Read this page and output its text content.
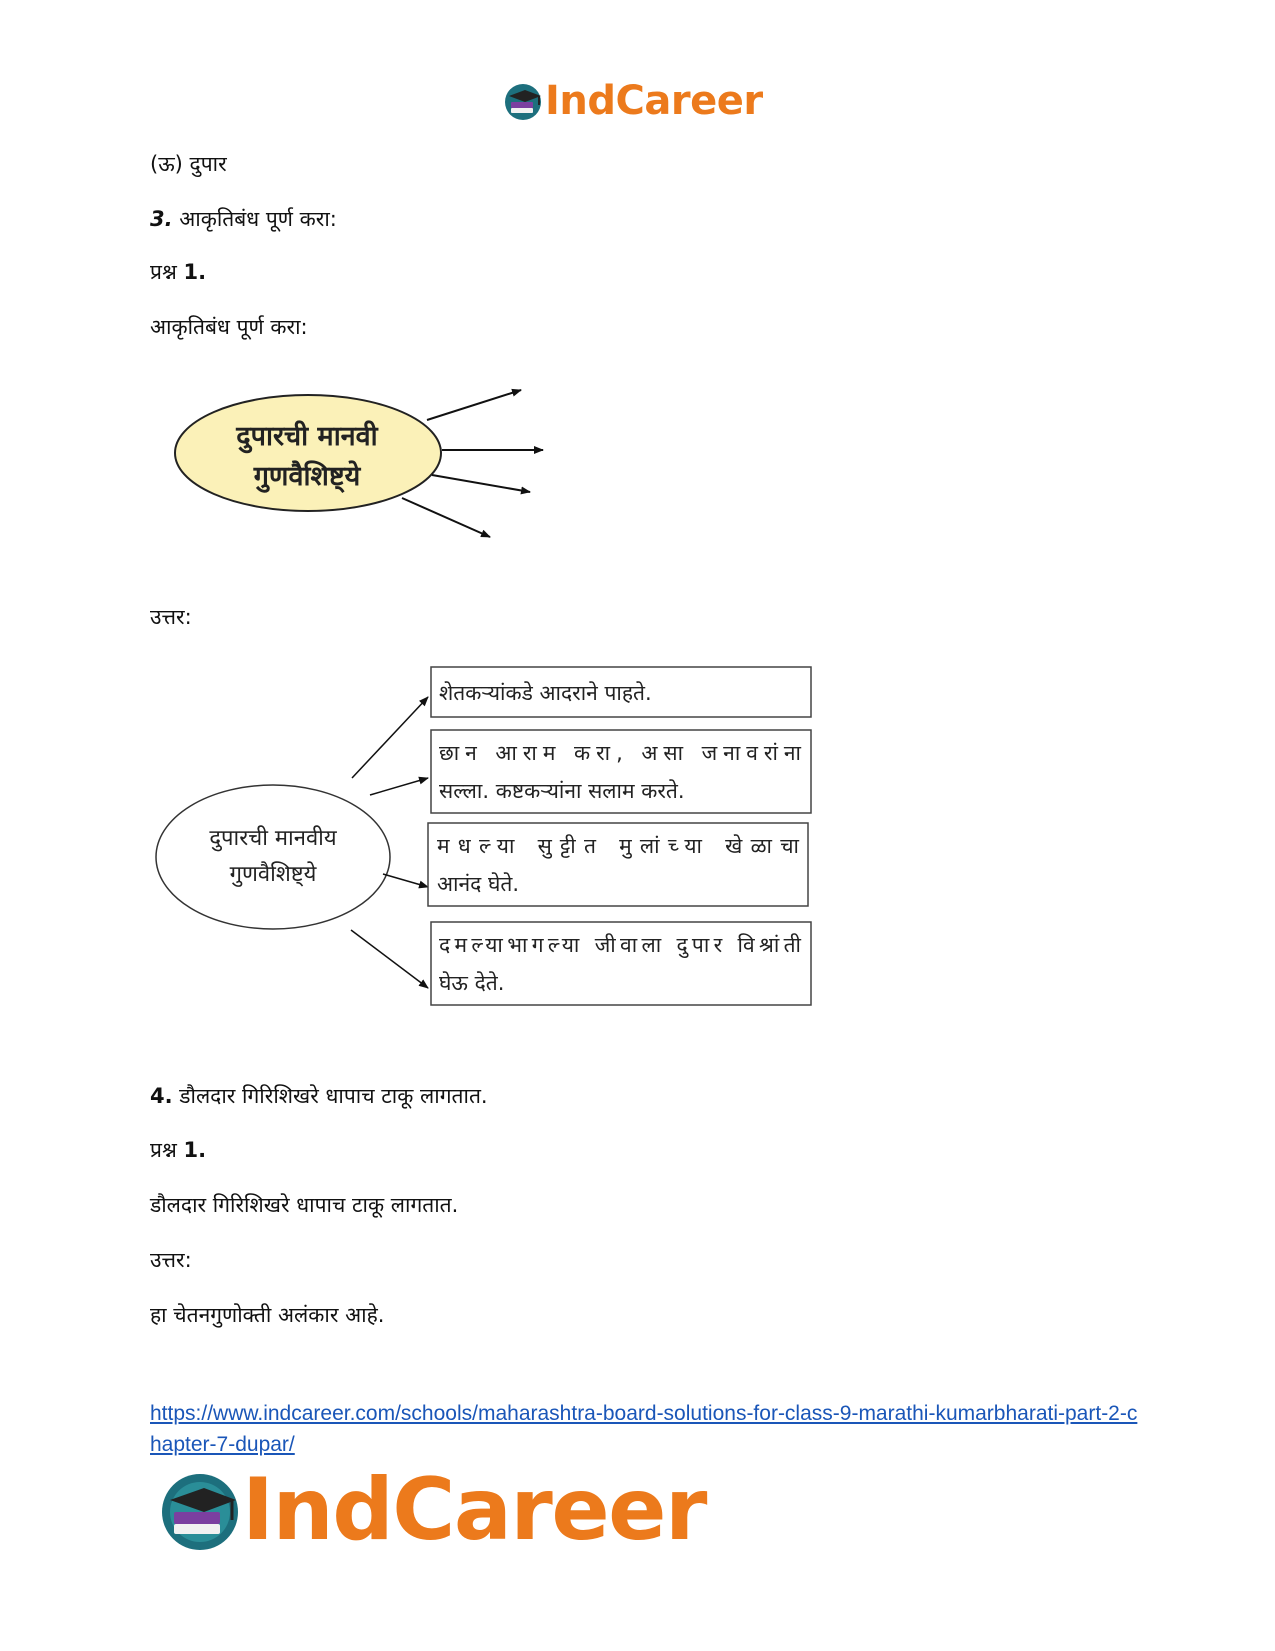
IndCareer
(ऊ) दुपार
3. आकृतिबंध पूर्ण करा:
प्रश्न 1.
आकृतिबंध पूर्ण करा:
दुपारची मानवी
गुणवैशिष्ट्ये
उत्तर:
दुपारची मानवीय
गुणवैशिष्ट्ये
शेतकऱ्यांकडे आदराने पाहते.
छान आराम करा, असा जनावरांना
सल्ला. कष्टकऱ्यांना सलाम करते.
मधल्या सुट्टीत मुलांच्या खेळाचा
आनंद घेते.
दमल्याभागल्या जीवाला दुपार विश्रांती
घेऊ देते.
4. डौलदार गिरिशिखरे धापाच टाकू लागतात.
प्रश्न 1.
डौलदार गिरिशिखरे धापाच टाकू लागतात.
उत्तर:
हा चेतनगुणोक्ती अलंकार आहे.
https://www.indcareer.com/schools/maharashtra-board-solutions-for-class-9-marathi-kumarbharati-part-2-chapter-7-dupar/
IndCareer
